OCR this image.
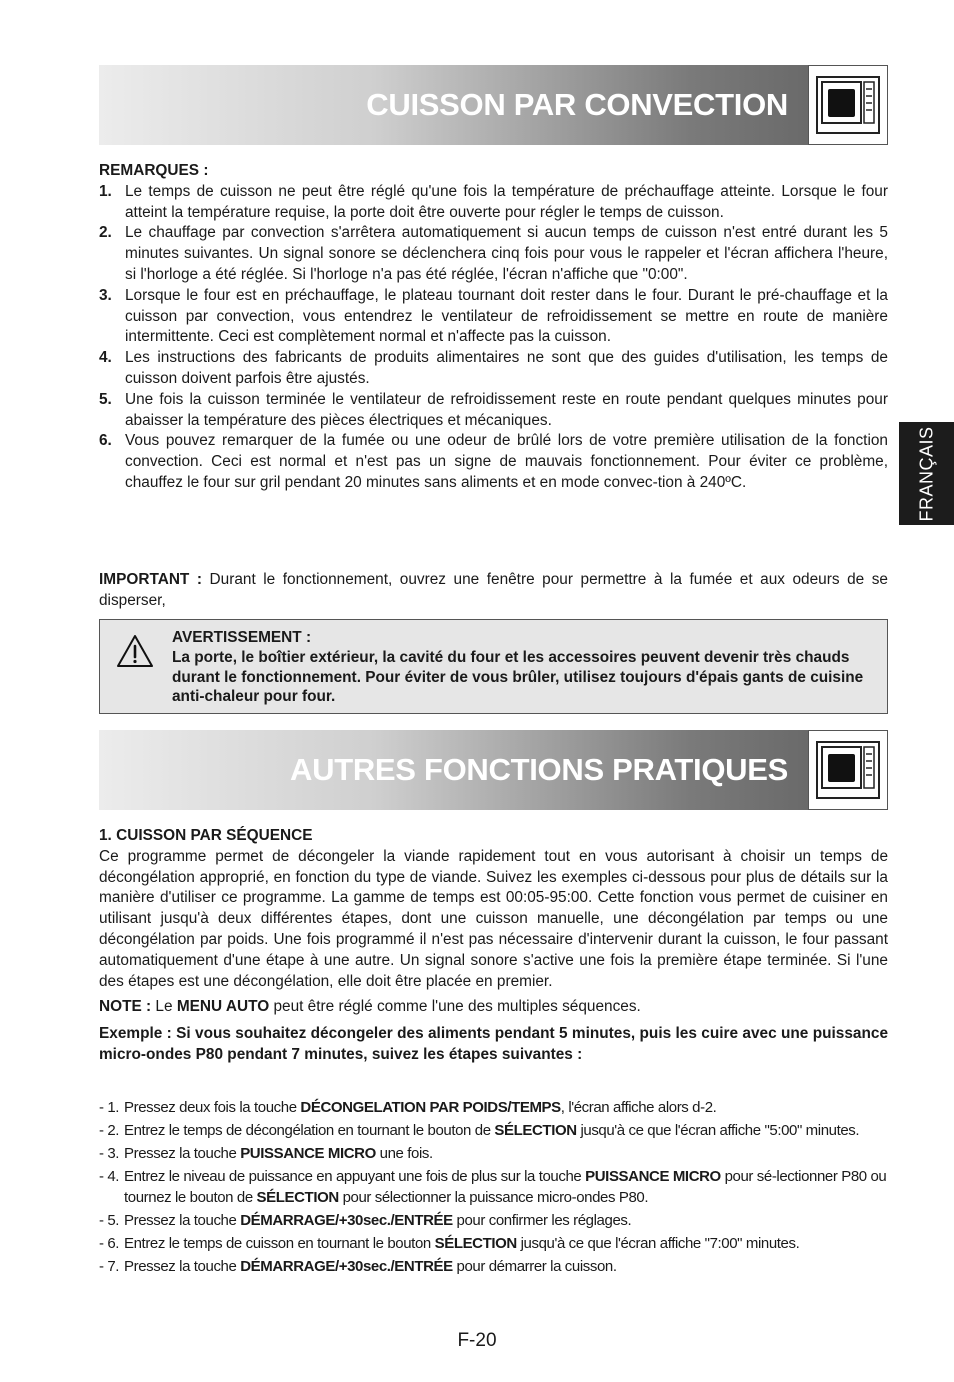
CUISSON PAR CONVECTION
REMARQUES :
1. Le temps de cuisson ne peut être réglé qu'une fois la température de préchauffage atteinte. Lorsque le four atteint la température requise, la porte doit être ouverte pour régler le temps de cuisson.
2. Le chauffage par convection s'arrêtera automatiquement si aucun temps de cuisson n'est entré durant les 5 minutes suivantes. Un signal sonore se déclenchera cinq fois pour vous le rappeler et l'écran affichera l'heure, si l'horloge a été réglée. Si l'horloge n'a pas été réglée, l'écran n'affiche que "0:00".
3. Lorsque le four est en préchauffage, le plateau tournant doit rester dans le four. Durant le pré-chauffage et la cuisson par convection, vous entendrez le ventilateur de refroidissement se mettre en route de manière intermittente. Ceci est complètement normal et n'affecte pas la cuisson.
4. Les instructions des fabricants de produits alimentaires ne sont que des guides d'utilisation, les temps de cuisson doivent parfois être ajustés.
5. Une fois la cuisson terminée le ventilateur de refroidissement reste en route pendant quelques minutes pour abaisser la température des pièces électriques et mécaniques.
6. Vous pouvez remarquer de la fumée ou une odeur de brûlé lors de votre première utilisation de la fonction convection. Ceci est normal et n'est pas un signe de mauvais fonctionnement. Pour éviter ce problème, chauffez le four sur gril pendant 20 minutes sans aliments et en mode convec-tion à 240ºC.
IMPORTANT : Durant le fonctionnement, ouvrez une fenêtre pour permettre à la fumée et aux odeurs de se disperser,
AVERTISSEMENT :
La porte, le boîtier extérieur, la cavité du four et les accessoires peuvent devenir très chauds durant le fonctionnement. Pour éviter de vous brûler, utilisez toujours d'épais gants de cuisine anti-chaleur pour four.
AUTRES FONCTIONS PRATIQUES
1. CUISSON PAR SÉQUENCE
Ce programme permet de décongeler la viande rapidement tout en vous autorisant à choisir un temps de décongélation approprié, en fonction du type de viande. Suivez les exemples ci-dessous pour plus de détails sur la manière d'utiliser ce programme. La gamme de temps est 00:05-95:00. Cette fonction vous permet de cuisiner en utilisant jusqu'à deux différentes étapes, dont une cuisson manuelle, une décongélation par temps ou une décongélation par poids. Une fois programmé il n'est pas nécessaire d'intervenir durant la cuisson, le four passant automatiquement d'une étape à une autre. Un signal sonore s'active une fois la première étape terminée. Si l'une des étapes est une décongélation, elle doit être placée en premier.
NOTE : Le MENU AUTO peut être réglé comme l'une des multiples séquences.
Exemple : Si vous souhaitez décongeler des aliments pendant 5 minutes, puis les cuire avec une puissance micro-ondes P80 pendant 7 minutes, suivez les étapes suivantes :
- 1. Pressez deux fois la touche DÉCONGELATION PAR POIDS/TEMPS, l'écran affiche alors d-2.
- 2. Entrez le temps de décongélation en tournant le bouton de SÉLECTION jusqu'à ce que l'écran affiche "5:00" minutes.
- 3. Pressez la touche PUISSANCE MICRO une fois.
- 4. Entrez le niveau de puissance en appuyant une fois de plus sur la touche PUISSANCE MICRO pour sé-lectionner P80 ou tournez le bouton de SÉLECTION pour sélectionner la puissance micro-ondes P80.
- 5. Pressez la touche DÉMARRAGE/+30sec./ENTRÉE pour confirmer les réglages.
- 6. Entrez le temps de cuisson en tournant le bouton SÉLECTION jusqu'à ce que l'écran affiche "7:00" minutes.
- 7. Pressez la touche DÉMARRAGE/+30sec./ENTRÉE pour démarrer la cuisson.
FRANÇAIS
F-20
